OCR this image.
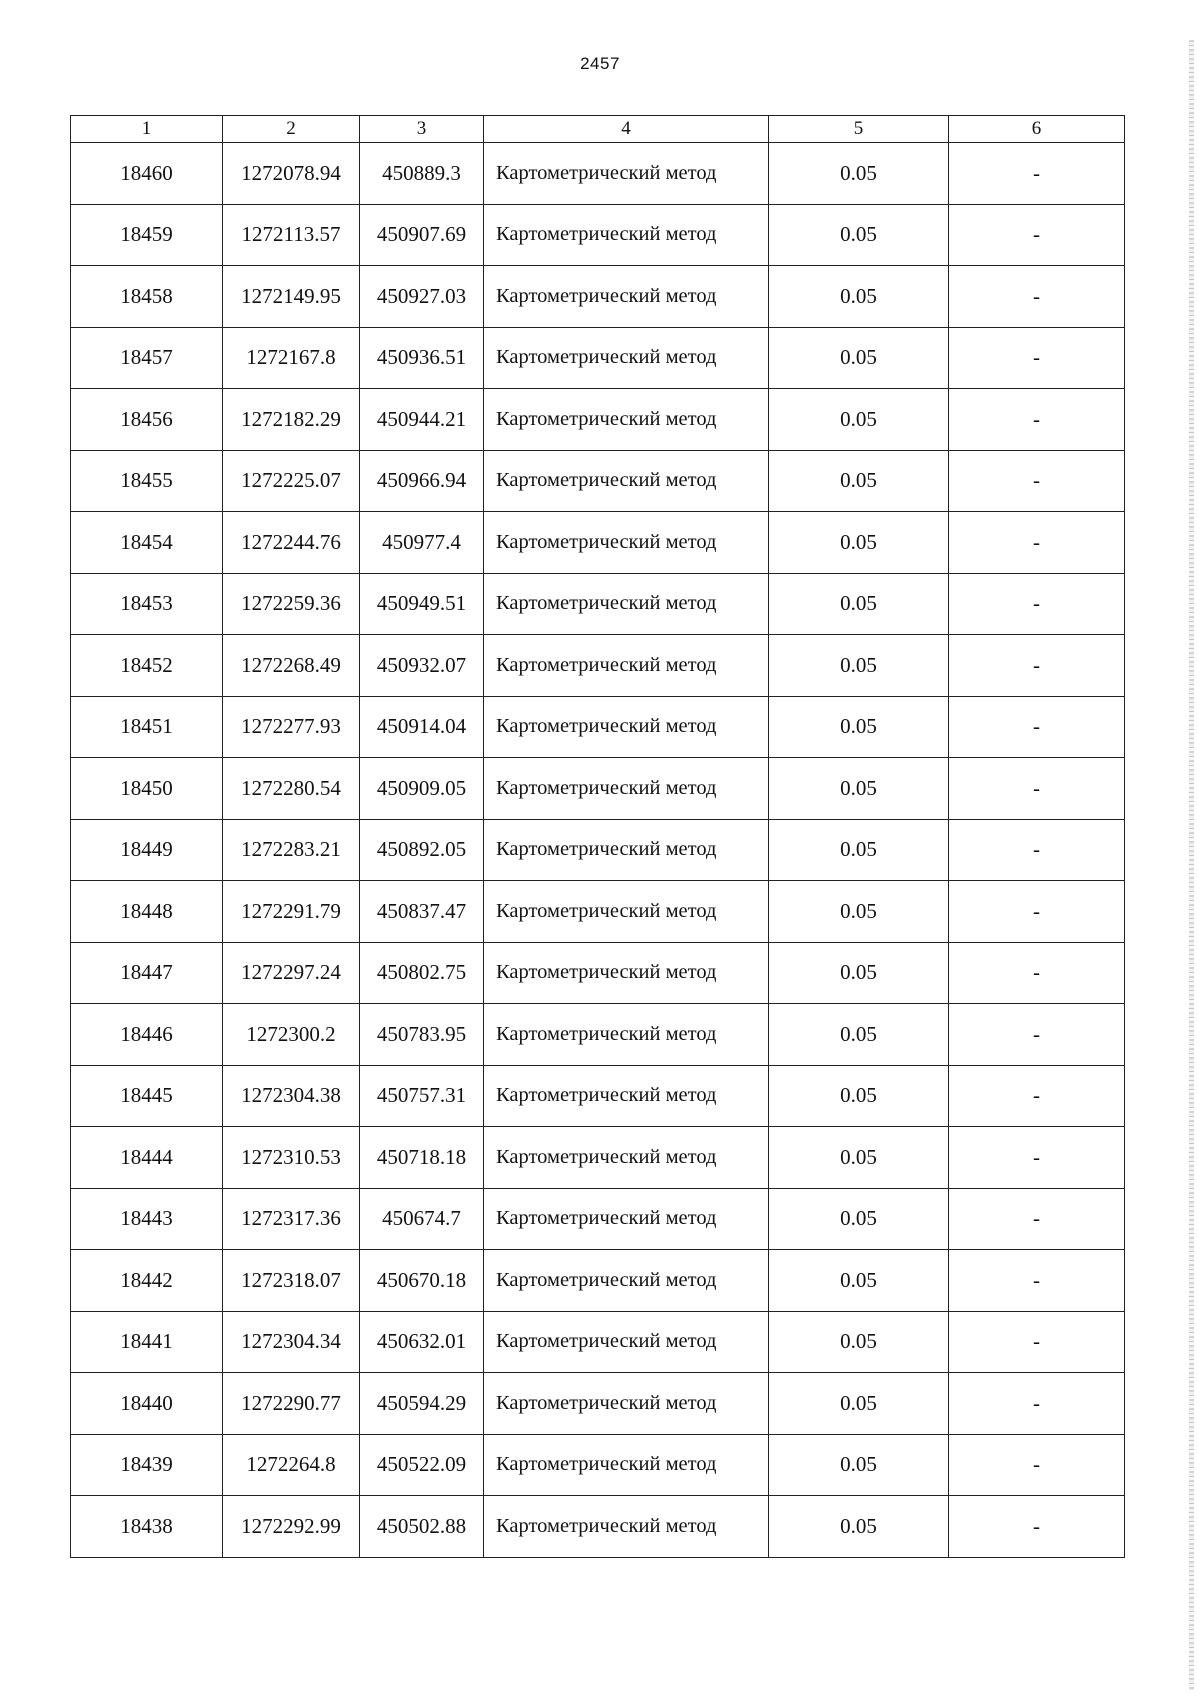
2457
1	2	3	4	5	6
18460	1272078.94	450889.3	Картометрический метод	0.05	-
18459	1272113.57	450907.69	Картометрический метод	0.05	-
18458	1272149.95	450927.03	Картометрический метод	0.05	-
18457	1272167.8	450936.51	Картометрический метод	0.05	-
18456	1272182.29	450944.21	Картометрический метод	0.05	-
18455	1272225.07	450966.94	Картометрический метод	0.05	-
18454	1272244.76	450977.4	Картометрический метод	0.05	-
18453	1272259.36	450949.51	Картометрический метод	0.05	-
18452	1272268.49	450932.07	Картометрический метод	0.05	-
18451	1272277.93	450914.04	Картометрический метод	0.05	-
18450	1272280.54	450909.05	Картометрический метод	0.05	-
18449	1272283.21	450892.05	Картометрический метод	0.05	-
18448	1272291.79	450837.47	Картометрический метод	0.05	-
18447	1272297.24	450802.75	Картометрический метод	0.05	-
18446	1272300.2	450783.95	Картометрический метод	0.05	-
18445	1272304.38	450757.31	Картометрический метод	0.05	-
18444	1272310.53	450718.18	Картометрический метод	0.05	-
18443	1272317.36	450674.7	Картометрический метод	0.05	-
18442	1272318.07	450670.18	Картометрический метод	0.05	-
18441	1272304.34	450632.01	Картометрический метод	0.05	-
18440	1272290.77	450594.29	Картометрический метод	0.05	-
18439	1272264.8	450522.09	Картометрический метод	0.05	-
18438	1272292.99	450502.88	Картометрический метод	0.05	-
